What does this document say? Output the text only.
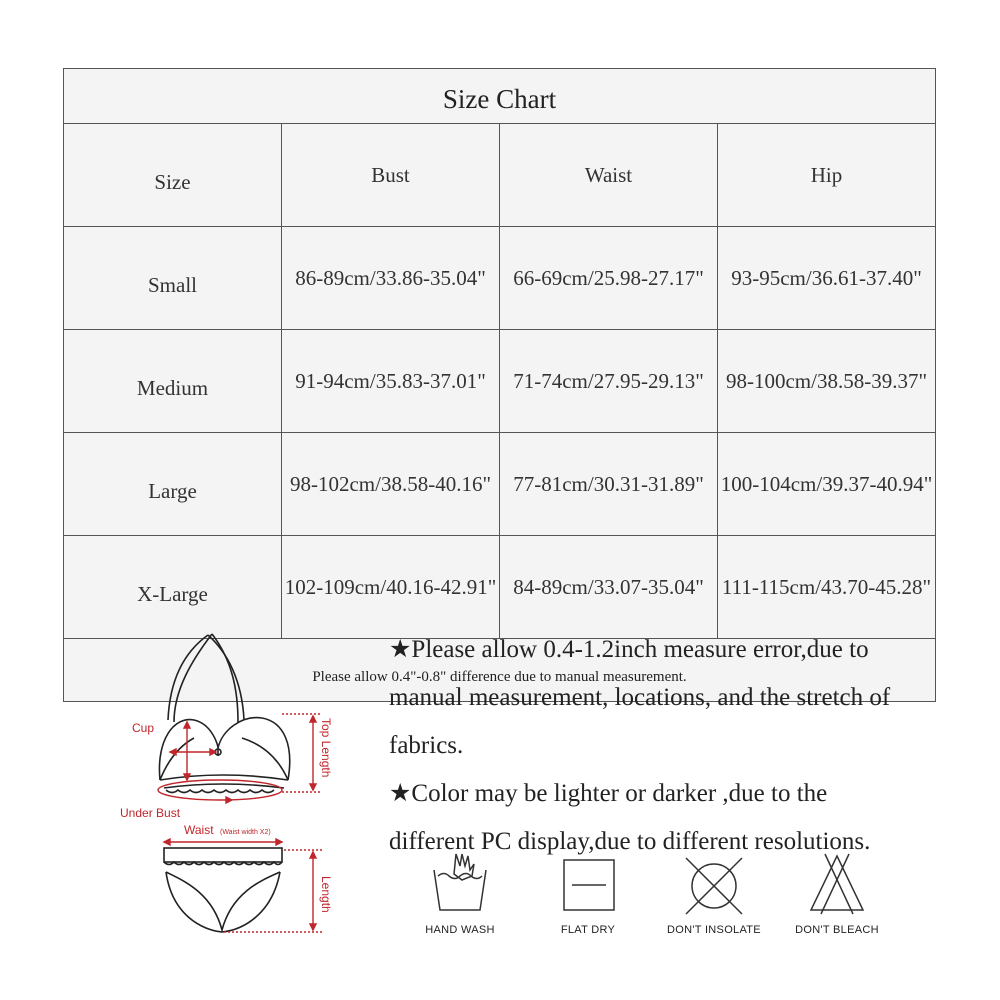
Size Chart			
Size	Bust	Waist	Hip
Small	86-89cm/33.86-35.04"	66-69cm/25.98-27.17"	93-95cm/36.61-37.40"
Medium	91-94cm/35.83-37.01"	71-74cm/27.95-29.13"	98-100cm/38.58-39.37"
Large	98-102cm/38.58-40.16"	77-81cm/30.31-31.89"	100-104cm/39.37-40.94"
X-Large	102-109cm/40.16-42.91"	84-89cm/33.07-35.04"	111-115cm/43.70-45.28"
Please allow 0.4"-0.8" difference due to manual measurement.			
Cup
Under Bust
Waist (Waist width X2)
Top Length
Length
★Please allow 0.4-1.2inch measure error,due to
manual measurement, locations, and the stretch of
fabrics.
★Color may be lighter or darker ,due to the
different PC display,due to different resolutions.
HAND WASH	FLAT DRY	DON'T INSOLATE	DON'T BLEACH
